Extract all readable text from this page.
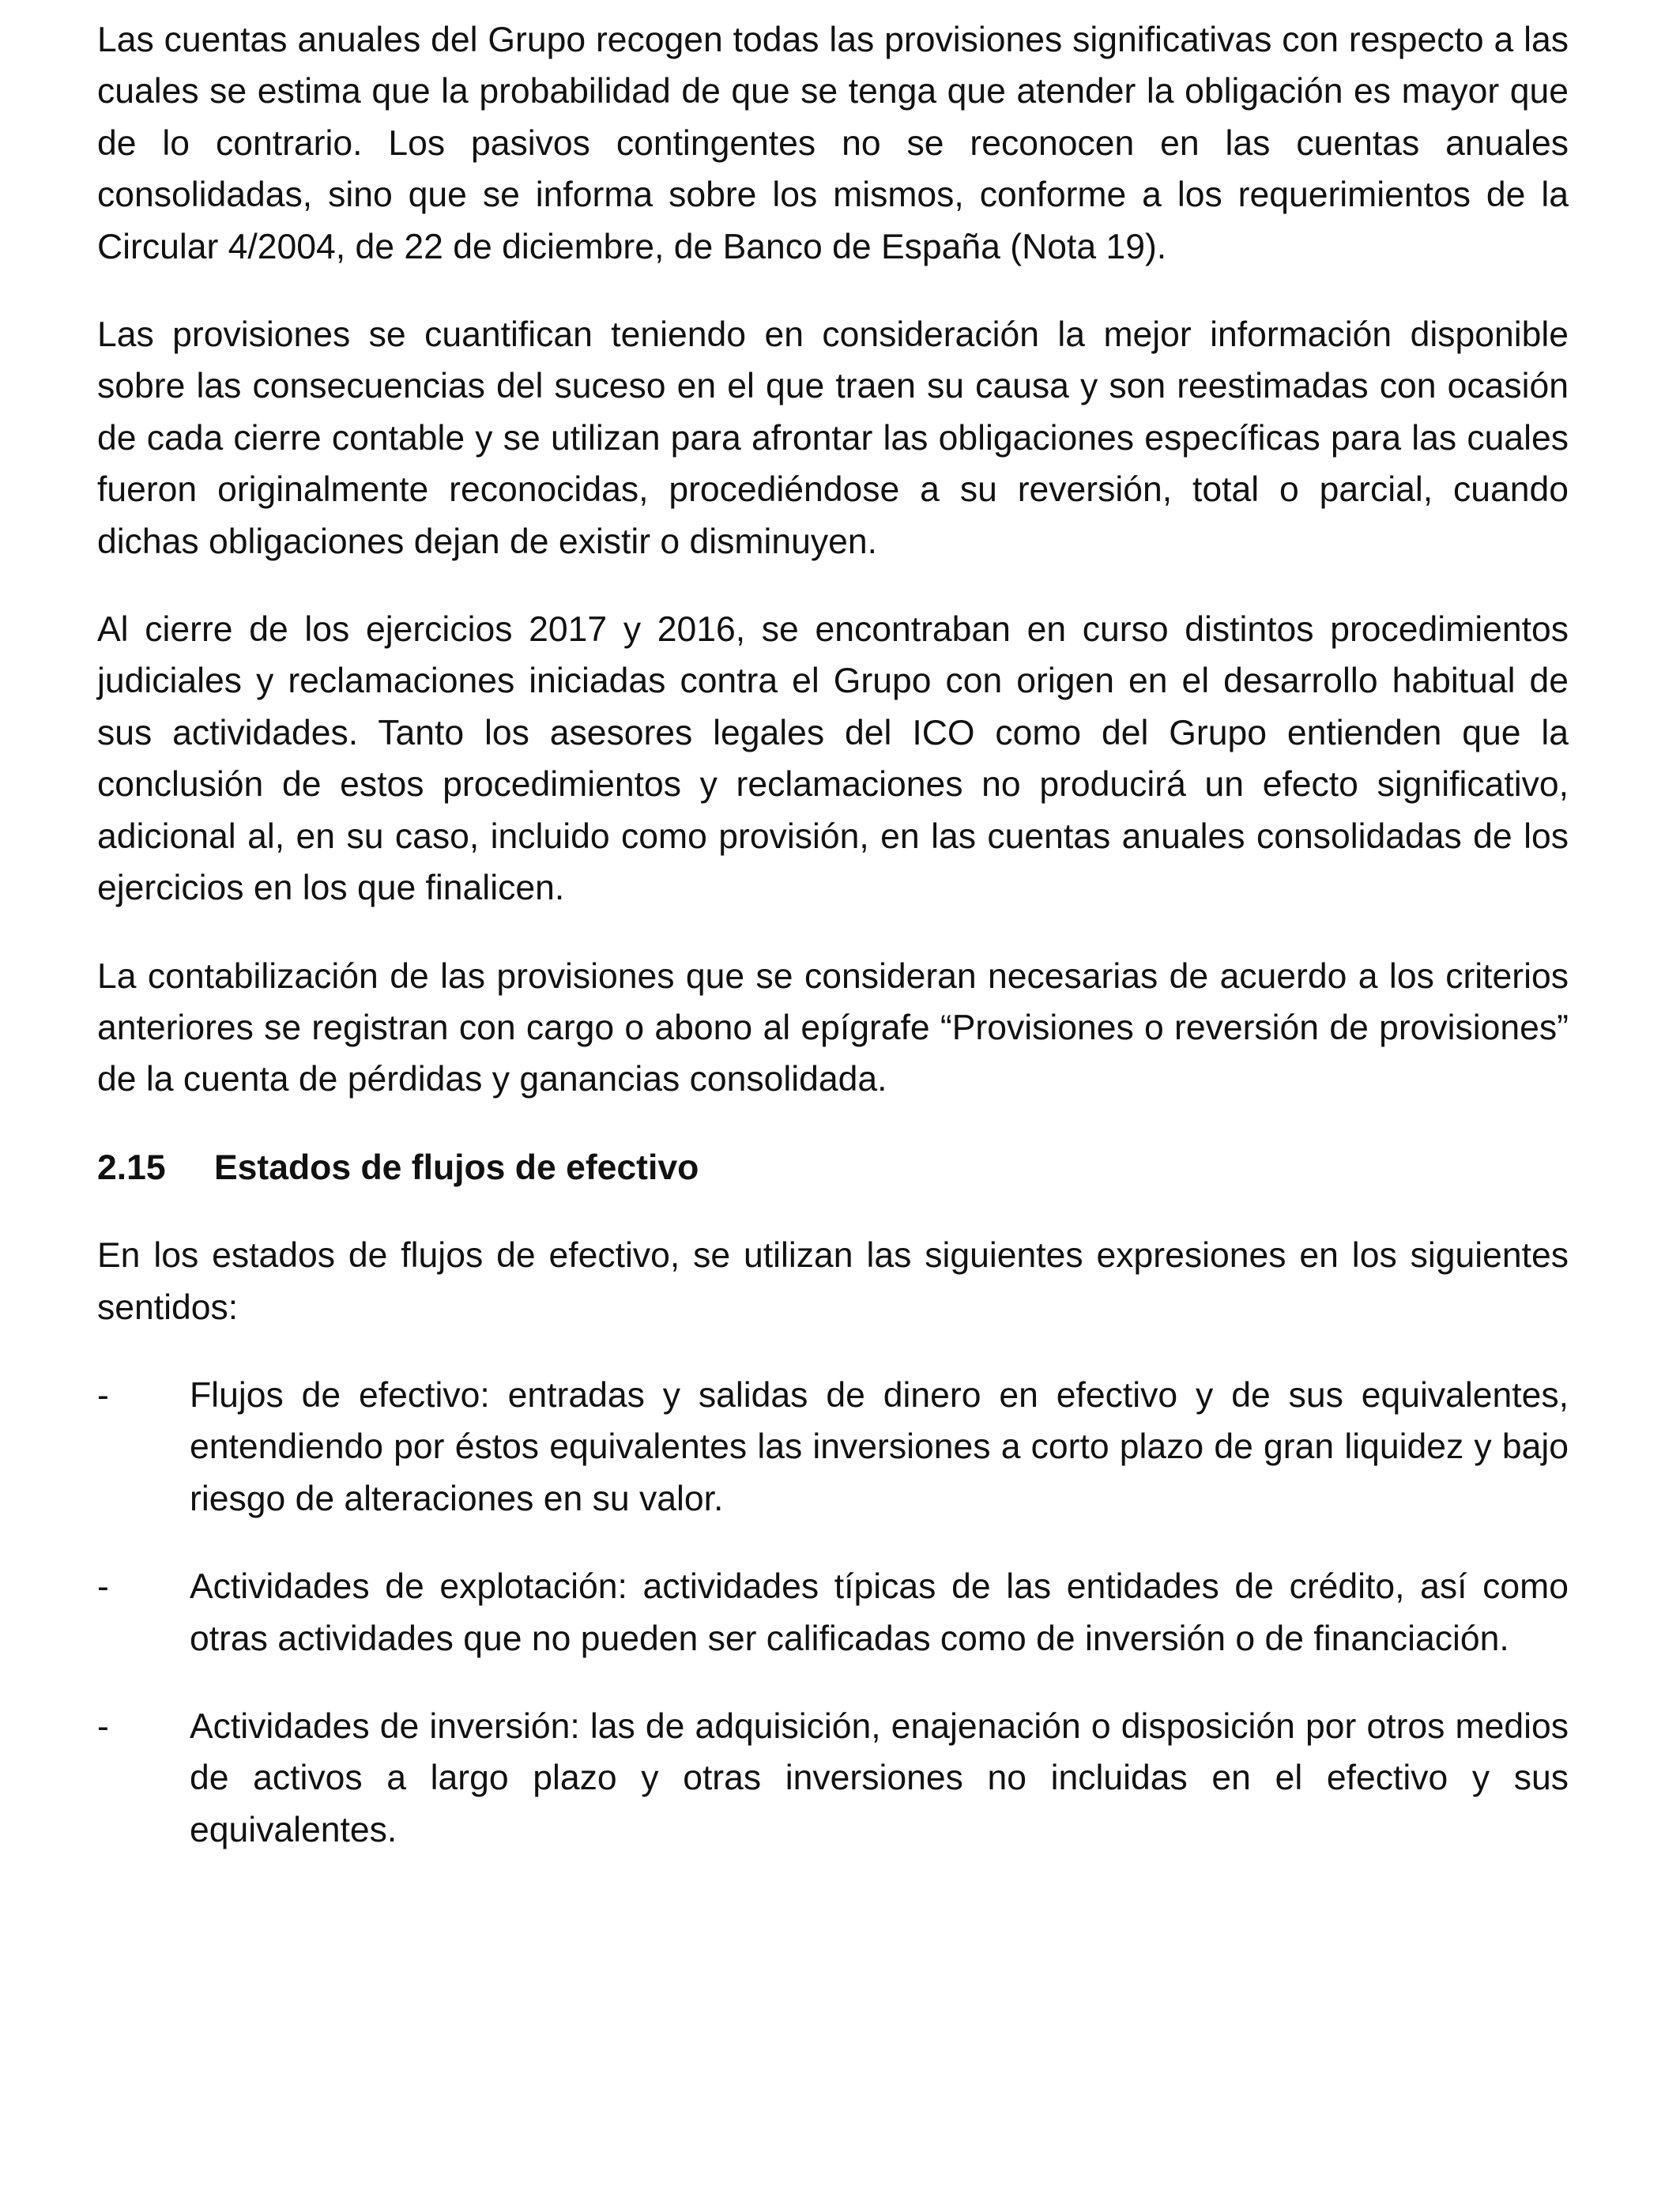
Las cuentas anuales del Grupo recogen todas las provisiones significativas con respecto a las cuales se estima que la probabilidad de que se tenga que atender la obligación es mayor que de lo contrario. Los pasivos contingentes no se reconocen en las cuentas anuales consolidadas, sino que se informa sobre los mismos, conforme a los requerimientos de la Circular 4/2004, de 22 de diciembre, de Banco de España (Nota 19).

Las provisiones se cuantifican teniendo en consideración la mejor información disponible sobre las consecuencias del suceso en el que traen su causa y son reestimadas con ocasión de cada cierre contable y se utilizan para afrontar las obligaciones específicas para las cuales fueron originalmente reconocidas, procediéndose a su reversión, total o parcial, cuando dichas obligaciones dejan de existir o disminuyen.

Al cierre de los ejercicios 2017 y 2016, se encontraban en curso distintos procedimientos judiciales y reclamaciones iniciadas contra el Grupo con origen en el desarrollo habitual de sus actividades. Tanto los asesores legales del ICO como del Grupo entienden que la conclusión de estos procedimientos y reclamaciones no producirá un efecto significativo, adicional al, en su caso, incluido como provisión, en las cuentas anuales consolidadas de los ejercicios en los que finalicen.

La contabilización de las provisiones que se consideran necesarias de acuerdo a los criterios anteriores se registran con cargo o abono al epígrafe “Provisiones o reversión de provisiones” de la cuenta de pérdidas y ganancias consolidada.

2.15	Estados de flujos de efectivo

En los estados de flujos de efectivo, se utilizan las siguientes expresiones en los siguientes sentidos:

-	Flujos de efectivo: entradas y salidas de dinero en efectivo y de sus equivalentes, entendiendo por éstos equivalentes las inversiones a corto plazo de gran liquidez y bajo riesgo de alteraciones en su valor.
-	Actividades de explotación: actividades típicas de las entidades de crédito, así como otras actividades que no pueden ser calificadas como de inversión o de financiación.
-	Actividades de inversión: las de adquisición, enajenación o disposición por otros medios de activos a largo plazo y otras inversiones no incluidas en el efectivo y sus equivalentes.
